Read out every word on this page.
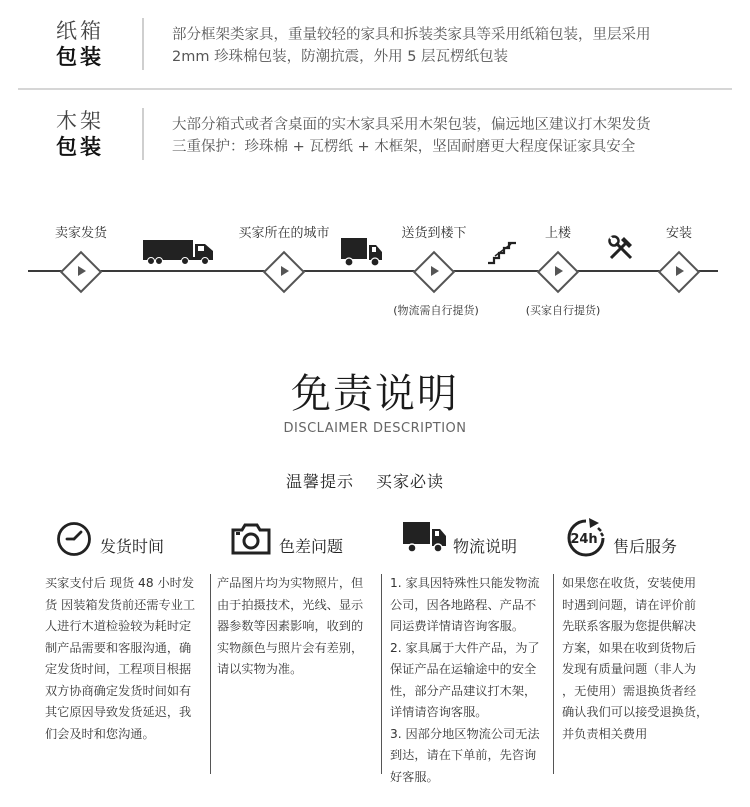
纸箱
包装
部分框架类家具，重量较轻的家具和拆装类家具等采用纸箱包装，里层采用
2mm 珍珠棉包装，防潮抗震，外用 5 层瓦楞纸包装
木架
包装
大部分箱式或者含桌面的实木家具采用木架包装，偏远地区建议打木架发货
三重保护：珍珠棉 + 瓦楞纸 + 木框架，坚固耐磨更大程度保证家具安全
卖家发货	买家所在的城市	送货到楼下	上楼	安装
(物流需自行提货)	(买家自行提货)
免责说明
DISCLAIMER DESCRIPTION
温馨提示 买家必读
发货时间	色差问题	物流说明	24h 售后服务

买家支付后 现货 48 小时发

货 因装箱发货前还需专业工

人进行木道检验较为耗时定

制产品需要和客服沟通，确

定发货时间，工程项目根据

双方协商确定发货时间如有

其它原因导致发货延迟，我

们会及时和您沟通。

产品图片均为实物照片，但

由于拍摄技术，光线、显示

器参数等因素影响，收到的

实物颜色与照片会有差别，

请以实物为准。

1. 家具因特殊性只能发物流

公司，因各地路程、产品不

同运费详情请咨询客服。

2. 家具属于大件产品，为了

保证产品在运输途中的安全

性，部分产品建议打木架，

详情请咨询客服。

3. 因部分地区物流公司无法

到达，请在下单前，先咨询

好客服。

如果您在收货，安装使用

时遇到问题，请在评价前

先联系客服为您提供解决

方案，如果在收到货物后

发现有质量问题（非人为

，无使用）需退换货者经

确认我们可以接受退换货，

并负责相关费用
